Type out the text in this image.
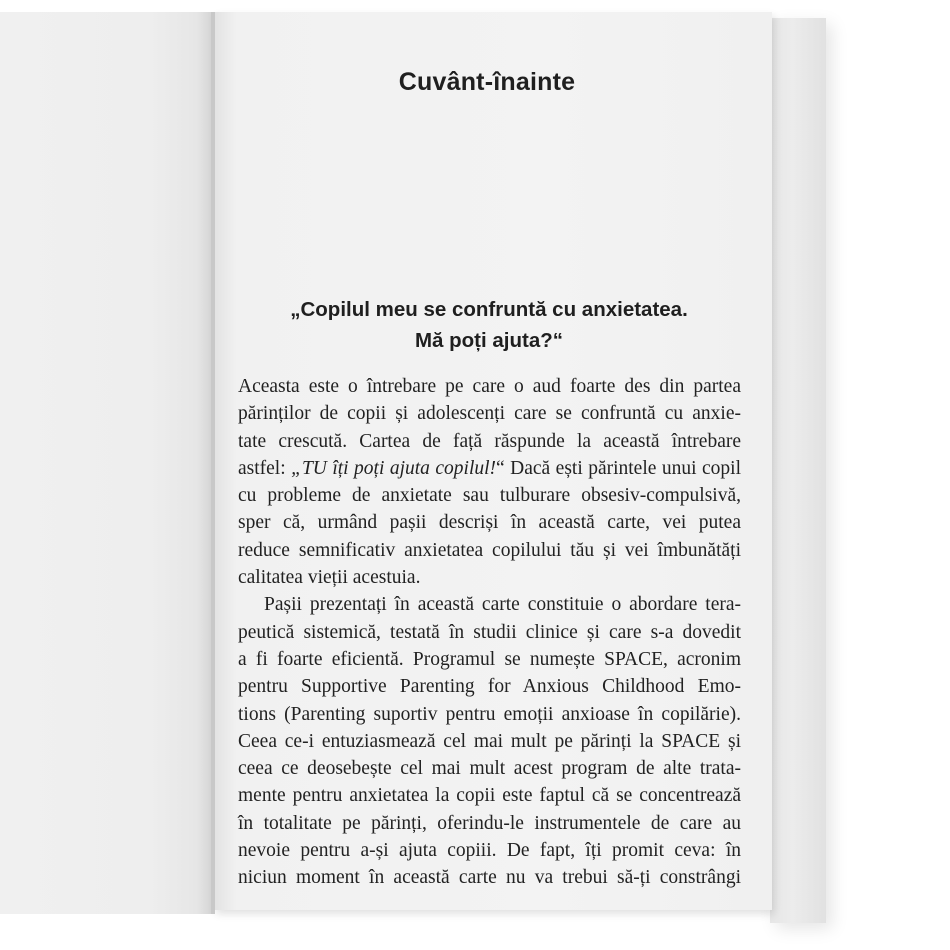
Cuvânt-înainte
„Copilul meu se confruntă cu anxietatea.
Mă poți ajuta?“
Aceasta este o întrebare pe care o aud foarte des din partea
părinților de copii și adolescenți care se confruntă cu anxie-
tate crescută. Cartea de față răspunde la această întrebare
astfel: „TU îți poți ajuta copilul!“ Dacă ești părintele unui copil
cu probleme de anxietate sau tulburare obsesiv-compulsivă,
sper că, urmând pașii descriși în această carte, vei putea
reduce semnificativ anxietatea copilului tău și vei îmbunătăți
calitatea vieții acestuia.
Pașii prezentați în această carte constituie o abordare tera-
peutică sistemică, testată în studii clinice și care s-a dovedit
a fi foarte eficientă. Programul se numește SPACE, acronim
pentru Supportive Parenting for Anxious Childhood Emo-
tions (Parenting suportiv pentru emoții anxioase în copilărie).
Ceea ce-i entuziasmează cel mai mult pe părinți la SPACE și
ceea ce deosebește cel mai mult acest program de alte trata-
mente pentru anxietatea la copii este faptul că se concentrează
în totalitate pe părinți, oferindu-le instrumentele de care au
nevoie pentru a-și ajuta copiii. De fapt, îți promit ceva: în
niciun moment în această carte nu va trebui să-ți constrângi
